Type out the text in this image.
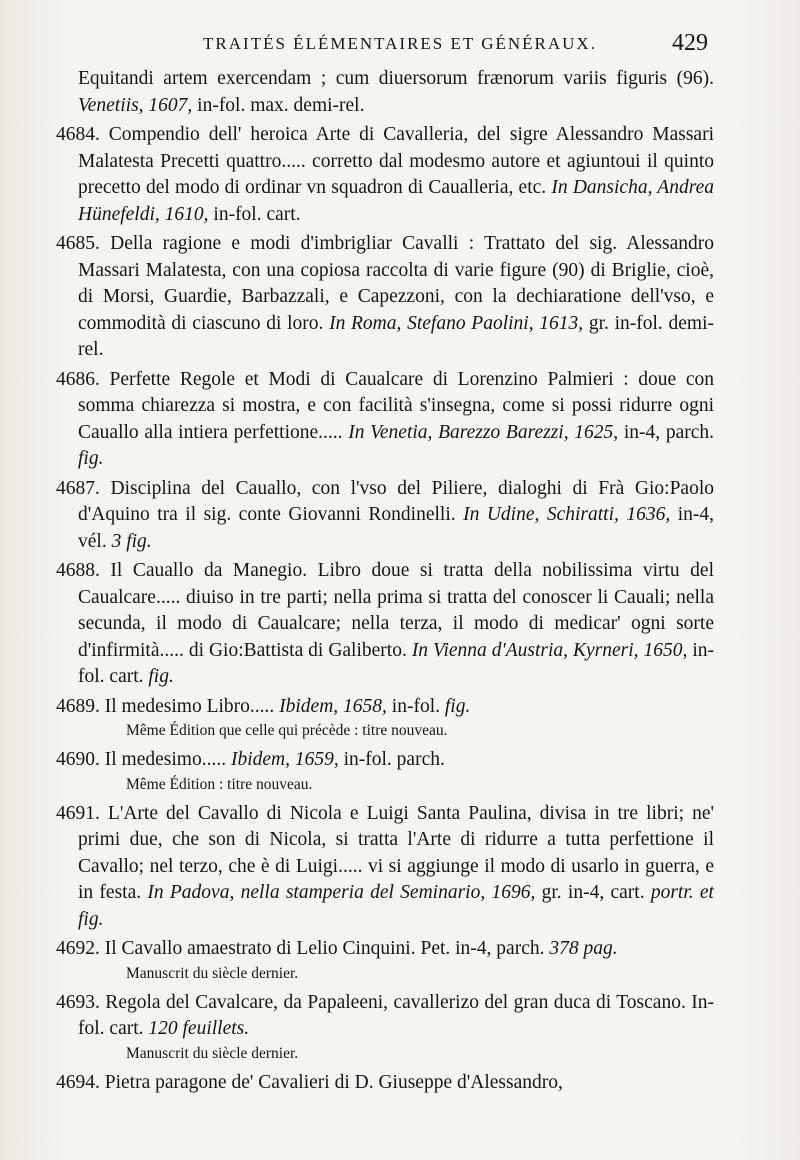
TRAITÉS ÉLÉMENTAIRES ET GÉNÉRAUX.	429

Equitandi artem exercendam ; cum diuersorum frænorum variis figuris (96). Venetiis, 1607, in-fol. max. demi-rel.

4684. Compendio dell' heroica Arte di Cavalleria, del sigre Alessandro Massari Malatesta Precetti quattro..... corretto dal modesmo autore et agiuntoui il quinto precetto del modo di ordinar vn squadron di Caualleria, etc. In Dansicha, Andrea Hünefeldi, 1610, in-fol. cart.

4685. Della ragione e modi d'imbrigliar Cavalli : Trattato del sig. Alessandro Massari Malatesta, con una copiosa raccolta di varie figure (90) di Briglie, cioè, di Morsi, Guardie, Barbazzali, e Capezzoni, con la dechiaratione dell'vso, e commodità di ciascuno di loro. In Roma, Stefano Paolini, 1613, gr. in-fol. demi-rel.

4686. Perfette Regole et Modi di Caualcare di Lorenzino Palmieri : doue con somma chiarezza si mostra, e con facilità s'insegna, come si possi ridurre ogni Cauallo alla intiera perfettione..... In Venetia, Barezzo Barezzi, 1625, in-4, parch. fig.

4687. Disciplina del Cauallo, con l'vso del Piliere, dialoghi di Frà Gio:Paolo d'Aquino tra il sig. conte Giovanni Rondinelli. In Udine, Schiratti, 1636, in-4, vél. 3 fig.

4688. Il Cauallo da Manegio. Libro doue si tratta della nobilissima virtu del Caualcare..... diuiso in tre parti; nella prima si tratta del conoscer li Cauali; nella secunda, il modo di Caualcare; nella terza, il modo di medicar' ogni sorte d'infirmità..... di Gio:Battista di Galiberto. In Vienna d'Austria, Kyrneri, 1650, in-fol. cart. fig.

4689. Il medesimo Libro..... Ibidem, 1658, in-fol. fig.

Même Édition que celle qui précède : titre nouveau.

4690. Il medesimo..... Ibidem, 1659, in-fol. parch.

Même Édition : titre nouveau.

4691. L'Arte del Cavallo di Nicola e Luigi Santa Paulina, divisa in tre libri; ne' primi due, che son di Nicola, si tratta l'Arte di ridurre a tutta perfettione il Cavallo; nel terzo, che è di Luigi..... vi si aggiunge il modo di usarlo in guerra, e in festa. In Padova, nella stamperia del Seminario, 1696, gr. in-4, cart. portr. et fig.

4692. Il Cavallo amaestrato di Lelio Cinquini. Pet. in-4, parch. 378 pag.

Manuscrit du siècle dernier.

4693. Regola del Cavalcare, da Papaleeni, cavallerizo del gran duca di Toscano. In-fol. cart. 120 feuillets.

Manuscrit du siècle dernier.

4694. Pietra paragone de' Cavalieri di D. Giuseppe d'Alessandro,
